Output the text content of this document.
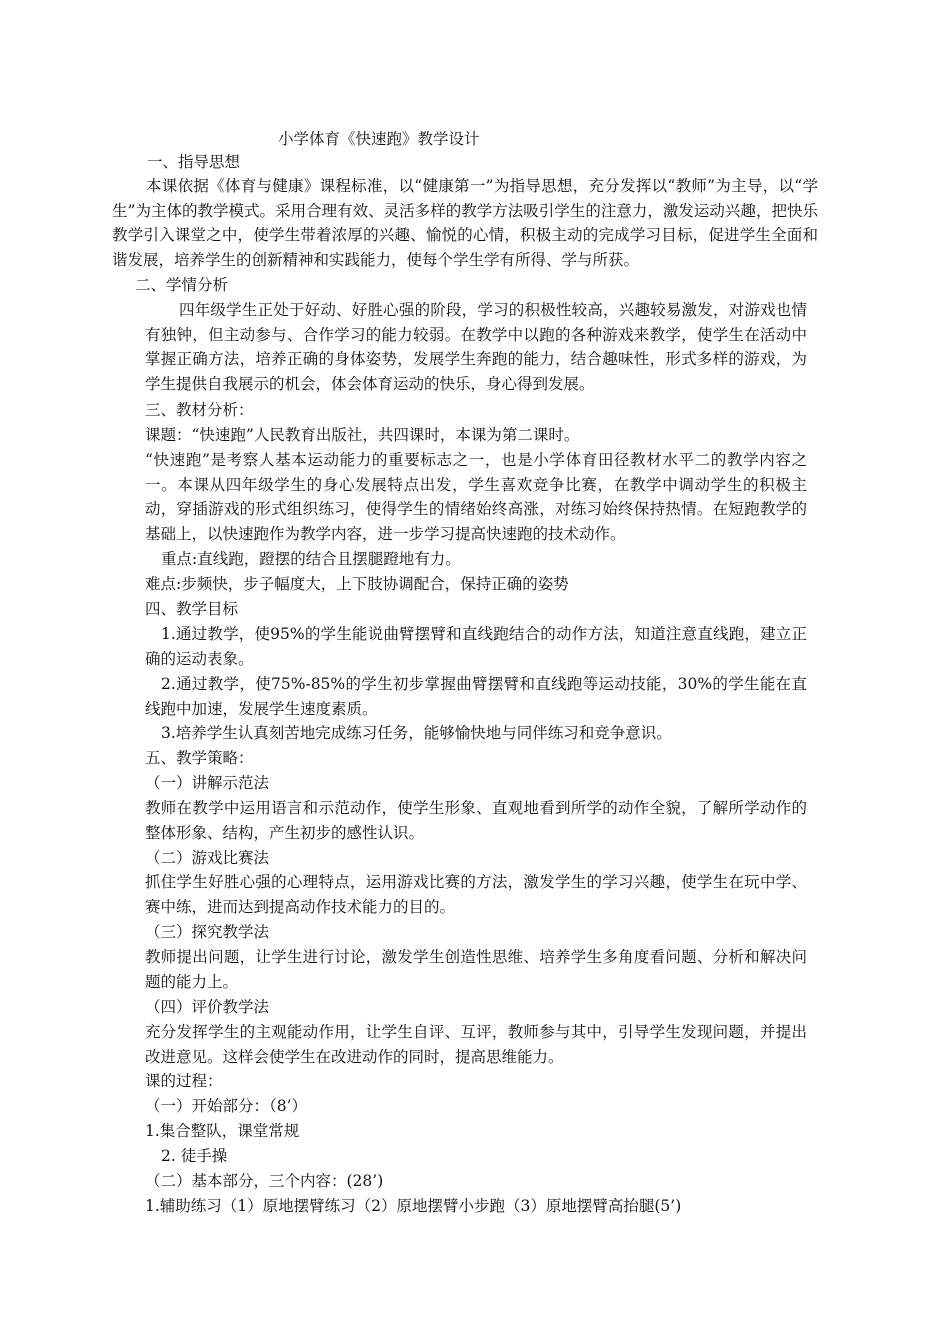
小学体育《快速跑》教学设计
一、指导思想

本课依据《体育与健康》课程标准，以“健康第一”为指导思想，充分发挥以“教师”为主导，以“学生”为主体的教学模式。采用合理有效、灵活多样的教学方法吸引学生的注意力，激发运动兴趣，把快乐教学引入课堂之中，使学生带着浓厚的兴趣、愉悦的心情，积极主动的完成学习目标，促进学生全面和谐发展，培养学生的创新精神和实践能力，使每个学生学有所得、学与所获。

二、学情分析

四年级学生正处于好动、好胜心强的阶段，学习的积极性较高，兴趣较易激发，对游戏也情有独钟，但主动参与、合作学习的能力较弱。在教学中以跑的各种游戏来教学，使学生在活动中掌握正确方法，培养正确的身体姿势，发展学生奔跑的能力，结合趣味性，形式多样的游戏，为学生提供自我展示的机会，体会体育运动的快乐，身心得到发展。

三、教材分析：
课题：“快速跑”人民教育出版社，共四课时，本课为第二课时。

“快速跑”是考察人基本运动能力的重要标志之一，也是小学体育田径教材水平二的教学内容之一。本课从四年级学生的身心发展特点出发，学生喜欢竞争比赛，在教学中调动学生的积极主动，穿插游戏的形式组织练习，使得学生的情绪始终高涨，对练习始终保持热情。在短跑教学的基础上，以快速跑作为教学内容，进一步学习提高快速跑的技术动作。

重点:直线跑，蹬摆的结合且摆腿蹬地有力。
难点:步频快，步子幅度大，上下肢协调配合，保持正确的姿势
四、教学目标

1.通过教学，使95%的学生能说曲臂摆臂和直线跑结合的动作方法，知道注意直线跑，建立正确的运动表象。

2.通过教学，使75%-85%的学生初步掌握曲臂摆臂和直线跑等运动技能，30%的学生能在直线跑中加速，发展学生速度素质。

3.培养学生认真刻苦地完成练习任务，能够愉快地与同伴练习和竞争意识。
五、教学策略：
（一）讲解示范法

教师在教学中运用语言和示范动作，使学生形象、直观地看到所学的动作全貌，了解所学动作的整体形象、结构，产生初步的感性认识。

（二）游戏比赛法

抓住学生好胜心强的心理特点，运用游戏比赛的方法，激发学生的学习兴趣，使学生在玩中学、赛中练，进而达到提高动作技术能力的目的。

（三）探究教学法

教师提出问题，让学生进行讨论，激发学生创造性思维、培养学生多角度看问题、分析和解决问题的能力上。

（四）评价教学法

充分发挥学生的主观能动作用，让学生自评、互评，教师参与其中，引导学生发现问题，并提出改进意见。这样会使学生在改进动作的同时，提高思维能力。

课的过程：
（一）开始部分：（8’）
1.集合整队，课堂常规
2. 徒手操
（二）基本部分，三个内容：(28’)
1.辅助练习（1）原地摆臂练习（2）原地摆臂小步跑（3）原地摆臂高抬腿(5’)
